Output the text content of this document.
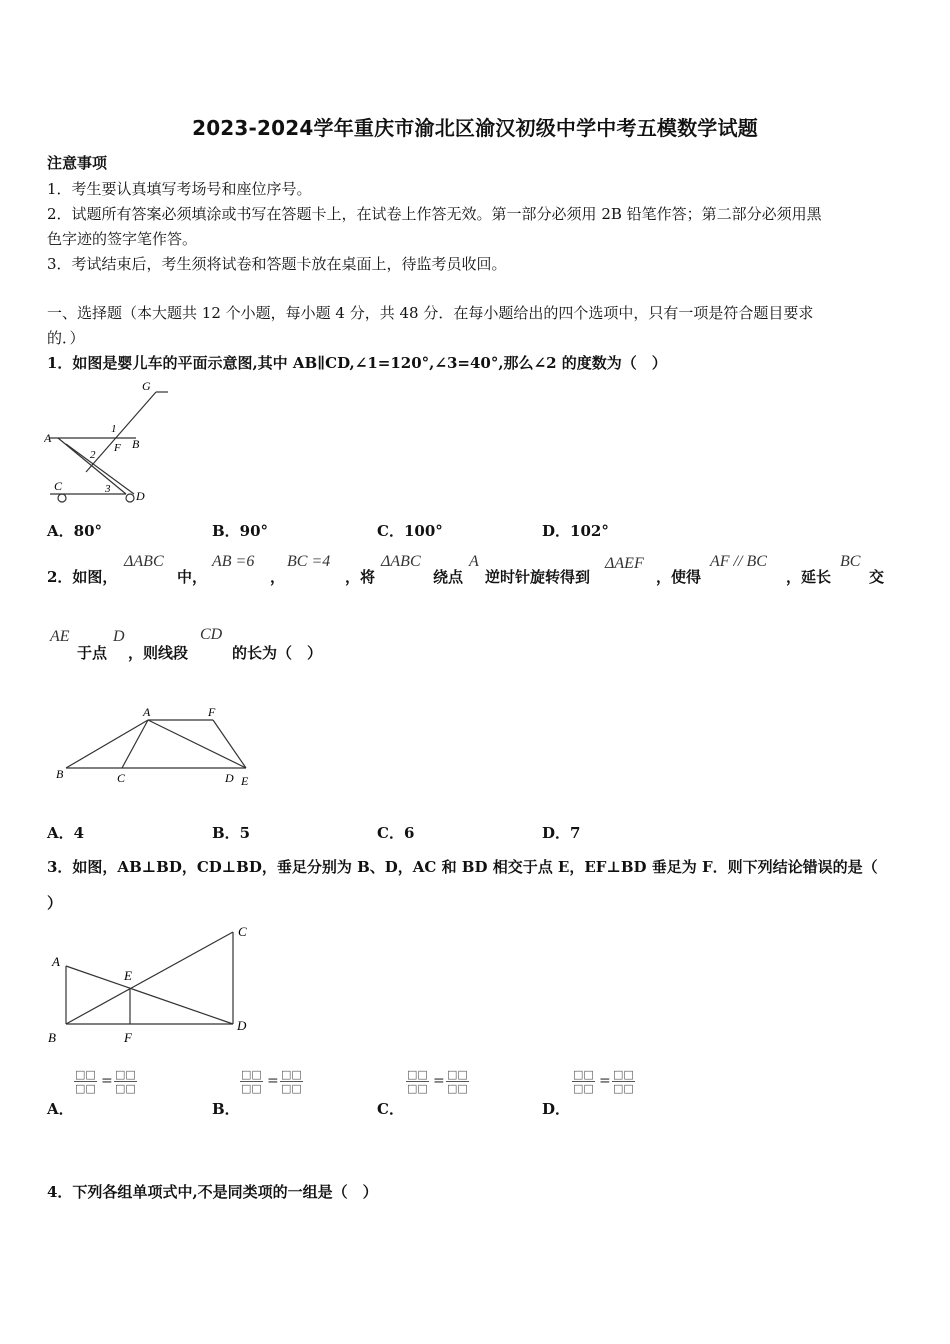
2023-2024学年重庆市渝北区渝汉初级中学中考五模数学试题
注意事项
1．考生要认真填写考场号和座位序号。
2．试题所有答案必须填涂或书写在答题卡上，在试卷上作答无效。第一部分必须用 2B 铅笔作答；第二部分必须用黑
色字迹的签字笔作答。
3．考试结束后，考生须将试卷和答题卡放在桌面上，待监考员收回。
一、选择题（本大题共 12 个小题，每小题 4 分，共 48 分．在每小题给出的四个选项中，只有一项是符合题目要求
的．）
1．如图是婴儿车的平面示意图,其中 AB∥CD,∠1=120°,∠3=40°,那么∠2 的度数为（　）
A	B
C
D
F
G
1
2
3
A．80°	B．90°	C．100°	D．102°
2．如图，
ΔABC
中，
AB =6
，
BC =4
，将
ΔABC
绕点
A
逆时针旋转得到
ΔAEF
，使得
AF // BC
，延长
BC
交
AE
于点
D
，则线段
CD
的长为（　）
A	F
B	C	D E
A．4	B．5	C．6	D．7
3．如图，AB⊥BD，CD⊥BD，垂足分别为 B、D，AC 和 BD 相交于点 E，EF⊥BD 垂足为 F．则下列结论错误的是（
）
A
B
C
D
E
F
□□
□□ = □□
□□
□□
□□ = □□
□□
□□
□□ = □□
□□
□□
□□ = □□
□□
A．	B．	C．	D．
4．下列各组单项式中,不是同类项的一组是（　）
